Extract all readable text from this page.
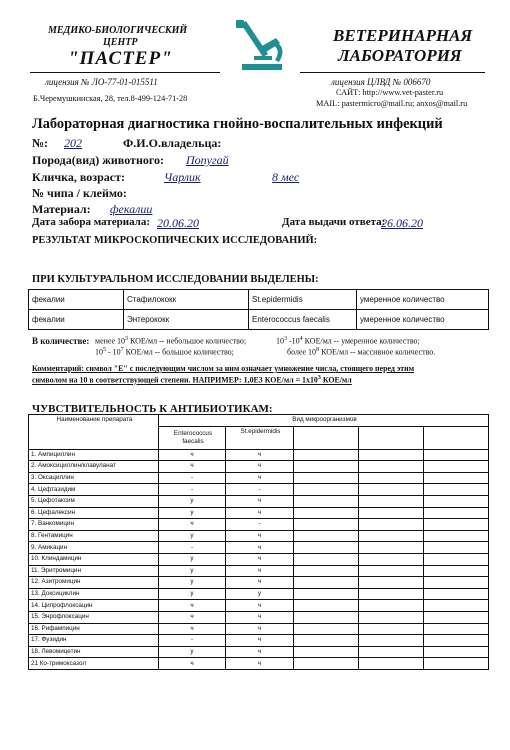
МЕДИКО-БИОЛОГИЧЕСКИЙ
ЦЕНТР
"ПАСТЕР"
ВЕТЕРИНАРНАЯ
ЛАБОРАТОРИЯ
лицензия № ЛО-77-01-015511
Б.Черемушкинская, 28, тел.8-499-124-71-28
лицензия ЦЛВД № 006670
САЙТ: http://www.vet-paster.ru
MAIL: pastermicro@mail.ru; anxos@mail.ru
Лабораторная диагностика гнойно-воспалительных инфекций
№: 202	Ф.И.О.владельца:
Порода(вид) животного: Попугай
Кличка, возраст:	Чарлик	8 мес
№ чипа / клеймо:
Материал: фекалии
Дата забора материала: 20.06.20	Дата выдачи ответа:
26.06.20
РЕЗУЛЬТАТ МИКРОСКОПИЧЕСКИХ ИССЛЕДОВАНИЙ:
ПРИ КУЛЬТУРАЛЬНОМ ИССЛЕДОВАНИИ ВЫДЕЛЕНЫ:
фекалии	Стафилококк	St.epidermidis	умеренное количество
фекалии	Энтерококк	Enterococcus faecalis	умеренное количество
В количестве: менее $10^3$ КОЕ/мл -- небольшое количество;	$10^3$ $-10^4$ КОЕ/мл -- умеренное количество;
$10^5 - 10^7$ КОЕ/мл -- большое количество;	более $10^8$ КОЕ/мл -- массивное количество.
Комментарий: символ "Е" с последующим числом за ним означает умножение числа, стоящего перед этим
символом на 10 в соответствующей степени. НАПРИМЕР: 1,0Е3 $КОЕ/мл = 1х10^3$ КОЕ/мл
ЧУВСТВИТЕЛЬНОСТЬ К АНТИБИОТИКАМ:
Наименование препарата	Вид микроорганизмов				
	Enterococcus
faecalis	St.epidermidis			
1. Ампициллин	ч	ч			
2. Амоксициллин/клавуланат	ч	ч			
3. Оксациллин	-	ч			
4. Цефтазидим	-	-			
5. Цефотаксим	у	ч			
6. Цефалексин	у	ч			
7. Ванкомицин	ч	-			
8. Гентамицин	у	ч			
9. Амикацин	-	ч			
10. Клиндамицин	у	ч			
11. Эритромицин	у	ч			
12. Азитромицин	у	ч			
13. Доксициклин	у	у			
14. Ципрофлоксацин	ч	ч			
15. Энрофлоксацин	ч	ч			
16. Рифампицин	ч	ч			
17. Фузидин	-	ч			
18. Левомицетин	у	ч			
21 Ко-тримоксазол	ч	ч			
